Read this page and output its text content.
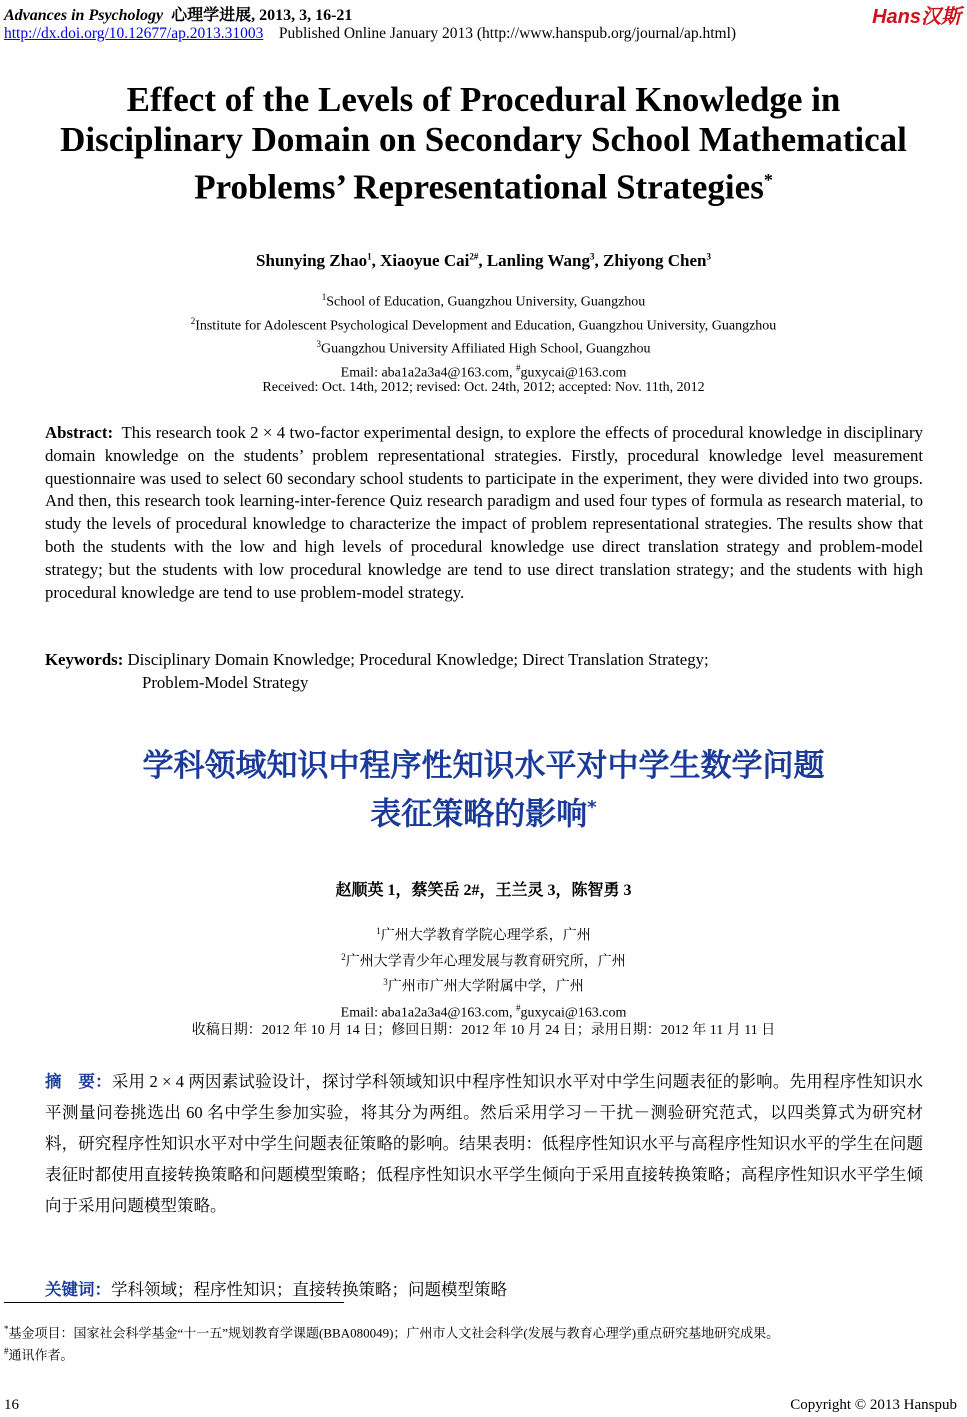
Advances in Psychology 心理学进展, 2013, 3, 16-21
http://dx.doi.org/10.12677/ap.2013.31003 Published Online January 2013 (http://www.hanspub.org/journal/ap.html)
Hans汉斯
Effect of the Levels of Procedural Knowledge in
Disciplinary Domain on Secondary School Mathematical
Problems’ Representational Strategies*
Shunying Zhao$^1$, Xiaoyue Cai$^{2\#}$, Lanling Wang$^3$, Zhiyong Chen$^3$
$^1$School of Education, Guangzhou University, Guangzhou
$^2$Institute for Adolescent Psychological Development and Education, Guangzhou University, Guangzhou
$^3$Guangzhou University Affiliated High School, Guangzhou
Email: aba1a2a3a4@163.com, #guxycai@163.com
Received: Oct. 14th, 2012; revised: Oct. 24th, 2012; accepted: Nov. 11th, 2012
Abstract: This research took 2 × 4 two-factor experimental design, to explore the effects of procedural knowledge in disciplinary domain knowledge on the students’ problem representational strategies. Firstly, procedural knowledge level measurement questionnaire was used to select 60 secondary school students to participate in the experiment, they were divided into two groups. And then, this research took learning-inter-ference Quiz research paradigm and used four types of formula as research material, to study the levels of procedural knowledge to characterize the impact of problem representational strategies. The results show that both the students with the low and high levels of procedural knowledge use direct translation strategy and problem-model strategy; but the students with low procedural knowledge are tend to use direct translation strategy; and the students with high procedural knowledge are tend to use problem-model strategy.
Keywords: Disciplinary Domain Knowledge; Procedural Knowledge; Direct Translation Strategy;
Problem-Model Strategy
学科领域知识中程序性知识水平对中学生数学问题
表征策略的影响*
赵顺英 1，蔡笑岳 2#，王兰灵 3，陈智勇 3
$^1$广州大学教育学院心理学系，广州
$^2$广州大学青少年心理发展与教育研究所，广州
$^3$广州市广州大学附属中学，广州
Email: aba1a2a3a4@163.com, #guxycai@163.com
收稿日期：2012 年 10 月 14 日；修回日期：2012 年 10 月 24 日；录用日期：2012 年 11 月 11 日
摘　要：采用 2 × 4 两因素试验设计，探讨学科领域知识中程序性知识水平对中学生问题表征的影响。先用程序性知识水平测量问卷挑选出 60 名中学生参加实验，将其分为两组。然后采用学习－干扰－测验研究范式，以四类算式为研究材料，研究程序性知识水平对中学生问题表征策略的影响。结果表明：低程序性知识水平与高程序性知识水平的学生在问题表征时都使用直接转换策略和问题模型策略；低程序性知识水平学生倾向于采用直接转换策略；高程序性知识水平学生倾向于采用问题模型策略。
关键词：学科领域；程序性知识；直接转换策略；问题模型策略
*基金项目：国家社会科学基金“十一五”规划教育学课题(BBA080049)；广州市人文社会科学(发展与教育心理学)重点研究基地研究成果。
#通讯作者。
16	Copyright © 2013 Hanspub
